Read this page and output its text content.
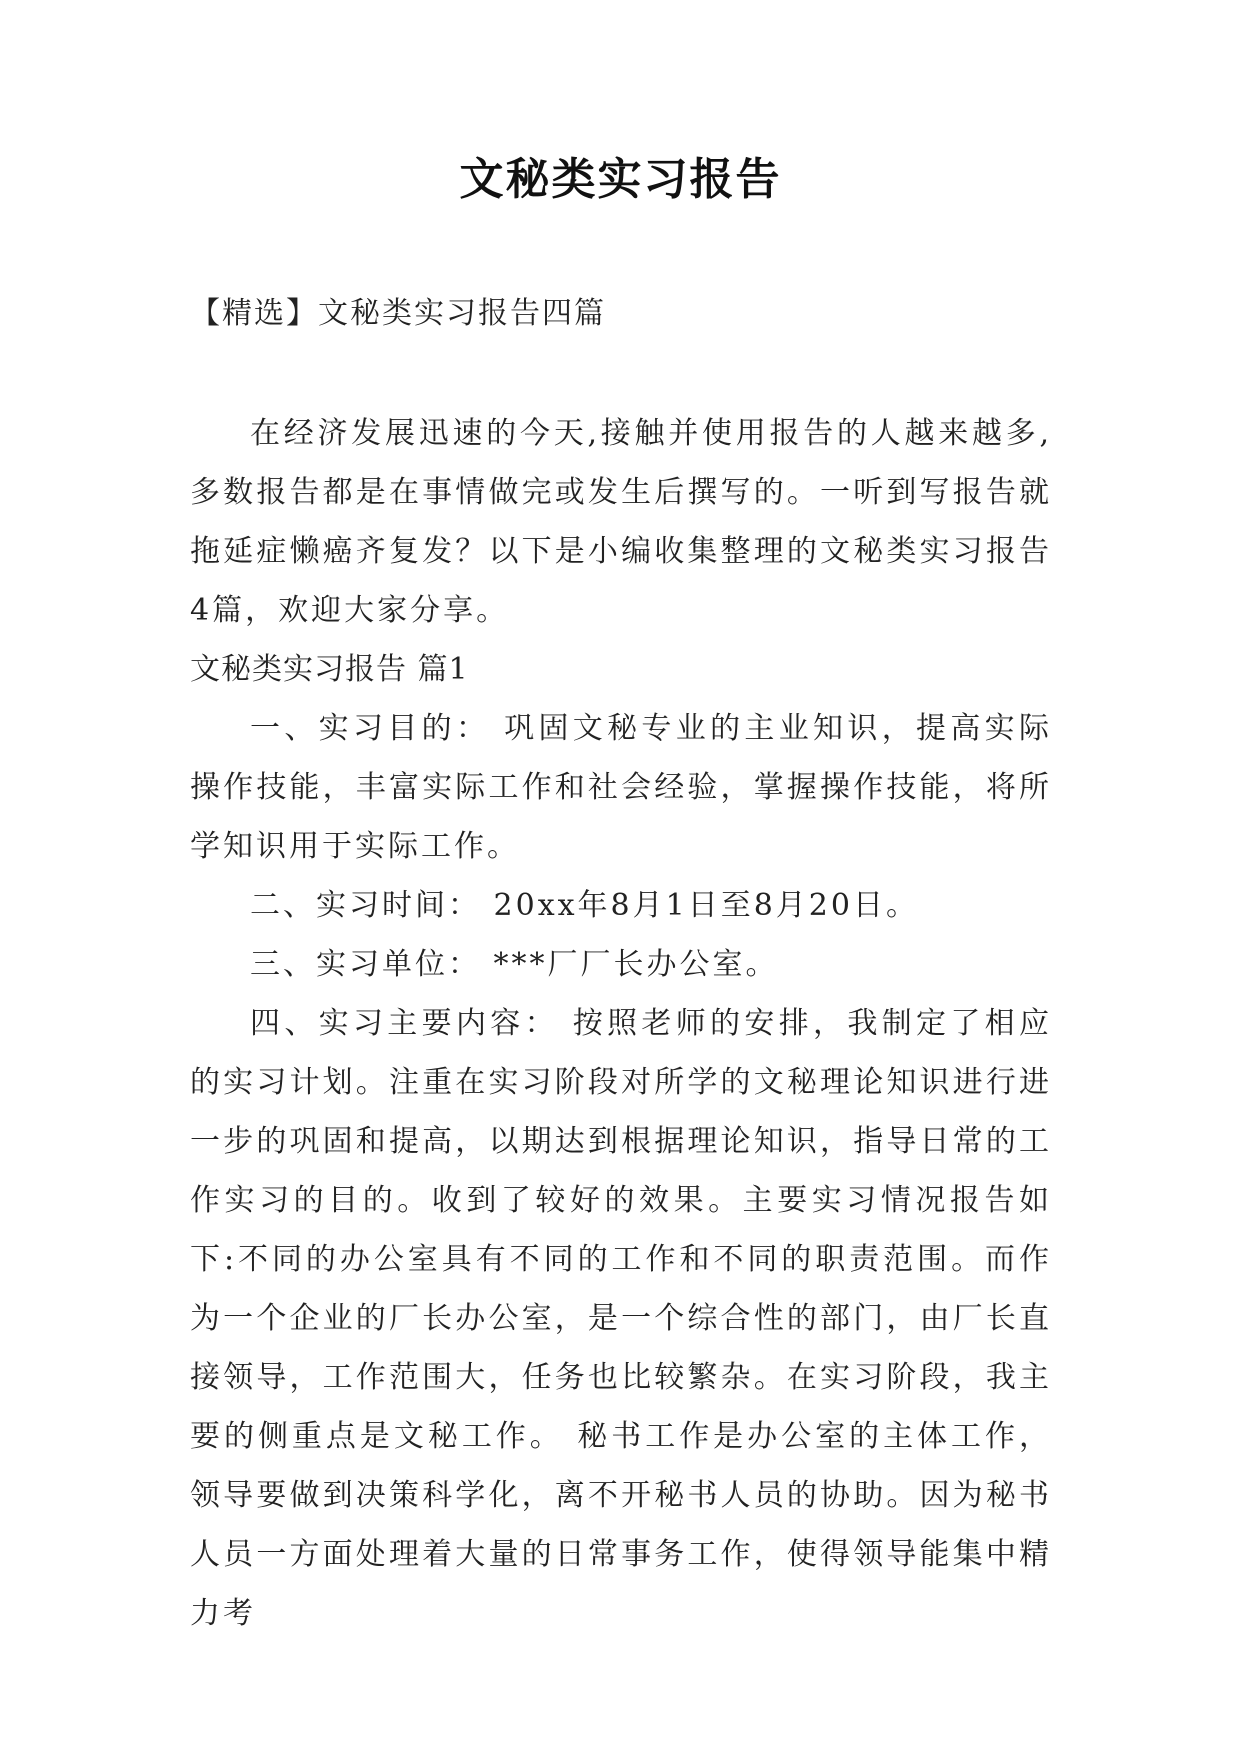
文秘类实习报告

【精选】文秘类实习报告四篇

在经济发展迅速的今天,接触并使用报告的人越来越多,多数报告都是在事情做完或发生后撰写的。一听到写报告就拖延症懒癌齐复发？以下是小编收集整理的文秘类实习报告4篇，欢迎大家分享。

文秘类实习报告 篇1

一、实习目的： 巩固文秘专业的主业知识，提高实际操作技能，丰富实际工作和社会经验，掌握操作技能，将所学知识用于实际工作。

二、实习时间： 20xx年8月1日至8月20日。

三、实习单位： ***厂厂长办公室。

四、实习主要内容： 按照老师的安排，我制定了相应的实习计划。注重在实习阶段对所学的文秘理论知识进行进一步的巩固和提高，以期达到根据理论知识，指导日常的工作实习的目的。收到了较好的效果。主要实习情况报告如下:不同的办公室具有不同的工作和不同的职责范围。而作为一个企业的厂长办公室，是一个综合性的部门，由厂长直接领导，工作范围大，任务也比较繁杂。在实习阶段，我主要的侧重点是文秘工作。 秘书工作是办公室的主体工作，领导要做到决策科学化，离不开秘书人员的协助。因为秘书人员一方面处理着大量的日常事务工作，使得领导能集中精力考
